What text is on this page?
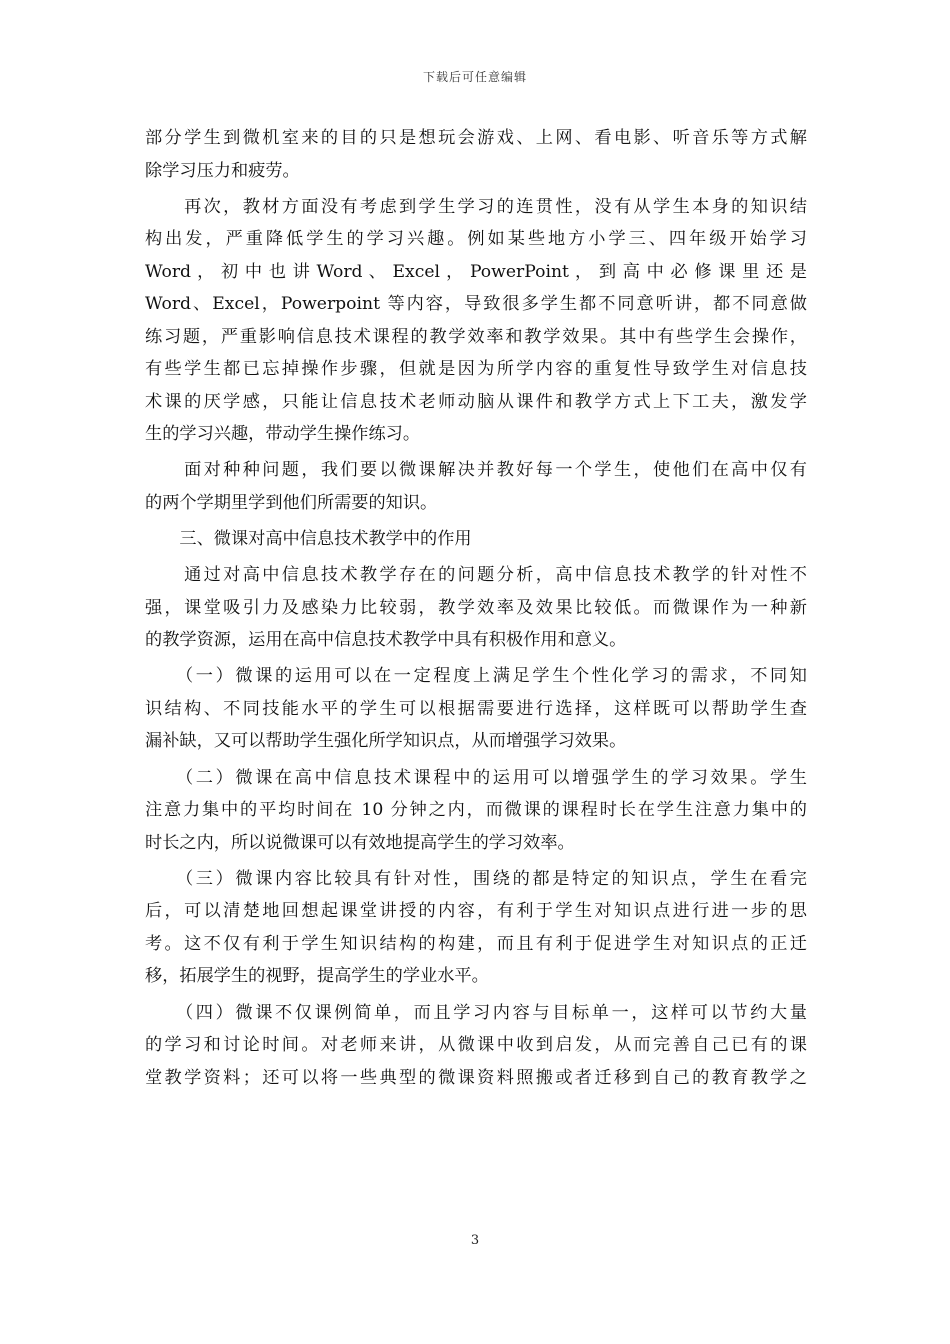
下载后可任意编辑
部分学生到微机室来的目的只是想玩会游戏、上网、看电影、听音乐等方式解
除学习压力和疲劳。
　　再次，教材方面没有考虑到学生学习的连贯性，没有从学生本身的知识结
构出发，严重降低学生的学习兴趣。例如某些地方小学三、四年级开始学习
Word ， 初 中 也 讲 Word 、 Excel ， PowerPoint ， 到 高 中 必 修 课 里 还 是
Word、Excel，Powerpoint 等内容，导致很多学生都不同意听讲，都不同意做
练习题，严重影响信息技术课程的教学效率和教学效果。其中有些学生会操作，
有些学生都已忘掉操作步骤，但就是因为所学内容的重复性导致学生对信息技
术课的厌学感，只能让信息技术老师动脑从课件和教学方式上下工夫，激发学
生的学习兴趣，带动学生操作练习。
　　面对种种问题，我们要以微课解决并教好每一个学生，使他们在高中仅有
的两个学期里学到他们所需要的知识。
　　三、微课对高中信息技术教学中的作用
　　通过对高中信息技术教学存在的问题分析，高中信息技术教学的针对性不
强，课堂吸引力及感染力比较弱，教学效率及效果比较低。而微课作为一种新
的教学资源，运用在高中信息技术教学中具有积极作用和意义。
　　（一）微课的运用可以在一定程度上满足学生个性化学习的需求，不同知
识结构、不同技能水平的学生可以根据需要进行选择，这样既可以帮助学生查
漏补缺，又可以帮助学生强化所学知识点，从而增强学习效果。
　　（二）微课在高中信息技术课程中的运用可以增强学生的学习效果。学生
注意力集中的平均时间在 10 分钟之内，而微课的课程时长在学生注意力集中的
时长之内，所以说微课可以有效地提高学生的学习效率。
　　（三）微课内容比较具有针对性，围绕的都是特定的知识点，学生在看完
后，可以清楚地回想起课堂讲授的内容，有利于学生对知识点进行进一步的思
考。这不仅有利于学生知识结构的构建，而且有利于促进学生对知识点的正迁
移，拓展学生的视野，提高学生的学业水平。
　　（四）微课不仅课例简单，而且学习内容与目标单一，这样可以节约大量
的学习和讨论时间。对老师来讲，从微课中收到启发，从而完善自己已有的课
堂教学资料；还可以将一些典型的微课资料照搬或者迁移到自己的教育教学之
3
